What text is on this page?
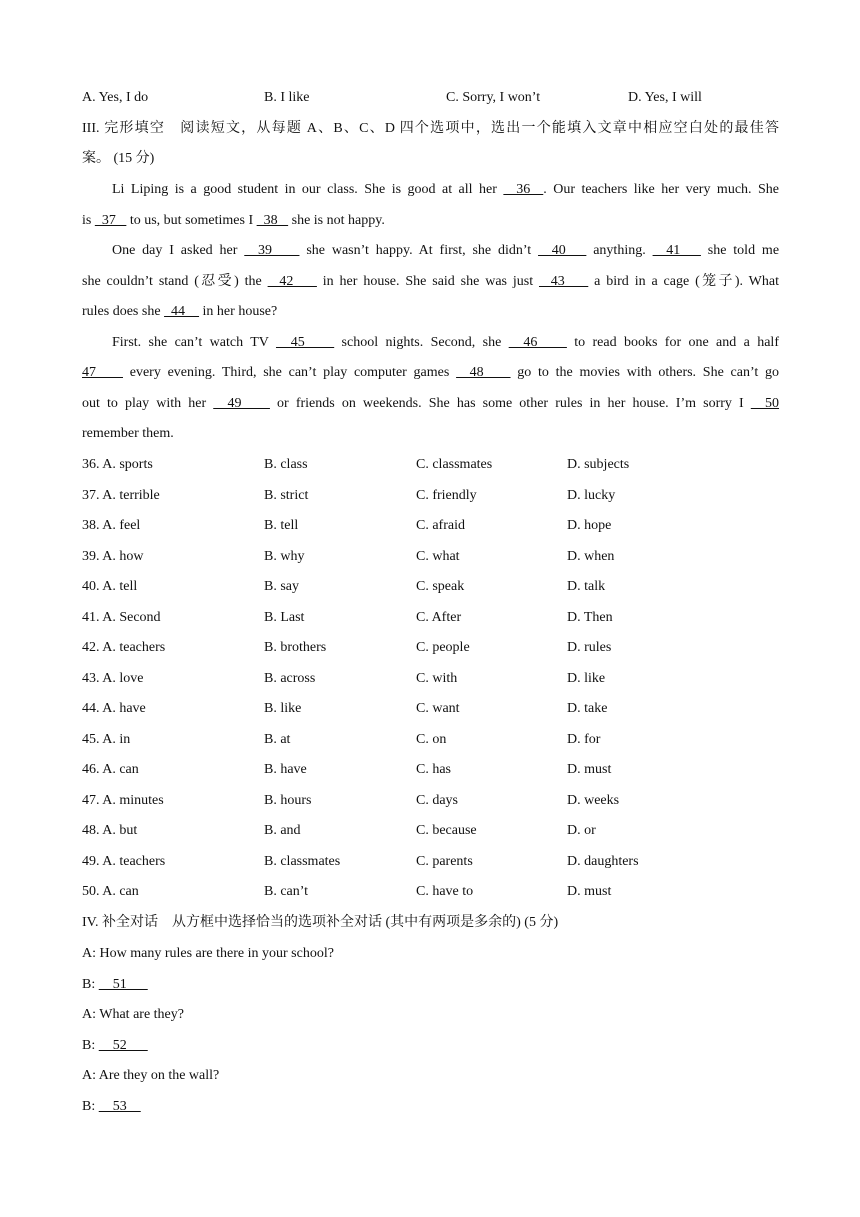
A. Yes, I do	B. I like	C. Sorry, I won’t	D. Yes, I will
III. 完形填空　阅读短文，从每题 A、B、C、D 四个选项中，选出一个能填入文章中相应空白处的最佳答
案。 (15 分)
Li Liping is a good student in our class. She is good at all her   36  . Our teachers like her very much. She
is   37    to us, but sometimes I   38    she is not happy.
One day I asked her   39     she wasn’t happy. At first, she didn’t   40    anything.   41    she told me
she couldn’t stand (忍受) the   42     in her house. She said she was just   43     a bird in a cage (笼子). What
rules does she   44     in her house?
First. she can’t watch TV   45     school nights. Second, she   46     to read books for one and a half
47     every evening. Third, she can’t play computer games   48     go to the movies with others. She can’t go
out to play with her   49     or friends on weekends. She has some other rules in her house. I’m sorry I   50
remember them.
36. A. sports	B. class	C. classmates	D. subjects
37. A. terrible	B. strict	C. friendly	D. lucky
38. A. feel	B. tell	C. afraid	D. hope
39. A. how	B. why	C. what	D. when
40. A. tell	B. say	C. speak	D. talk
41. A. Second	B. Last	C. After	D. Then
42. A. teachers	B. brothers	C. people	D. rules
43. A. love	B. across	C. with	D. like
44. A. have	B. like	C. want	D. take
45. A. in	B. at	C. on	D. for
46. A. can	B. have	C. has	D. must
47. A. minutes	B. hours	C. days	D. weeks
48. A. but	B. and	C. because	D. or
49. A. teachers	B. classmates	C. parents	D. daughters
50. A. can	B. can’t	C. have to	D. must
IV. 补全对话　从方框中选择恰当的选项补全对话 (其中有两项是多余的) (5 分)
A: How many rules are there in your school?
B:     51
A: What are they?
B:     52
A: Are they on the wall?
B:     53
